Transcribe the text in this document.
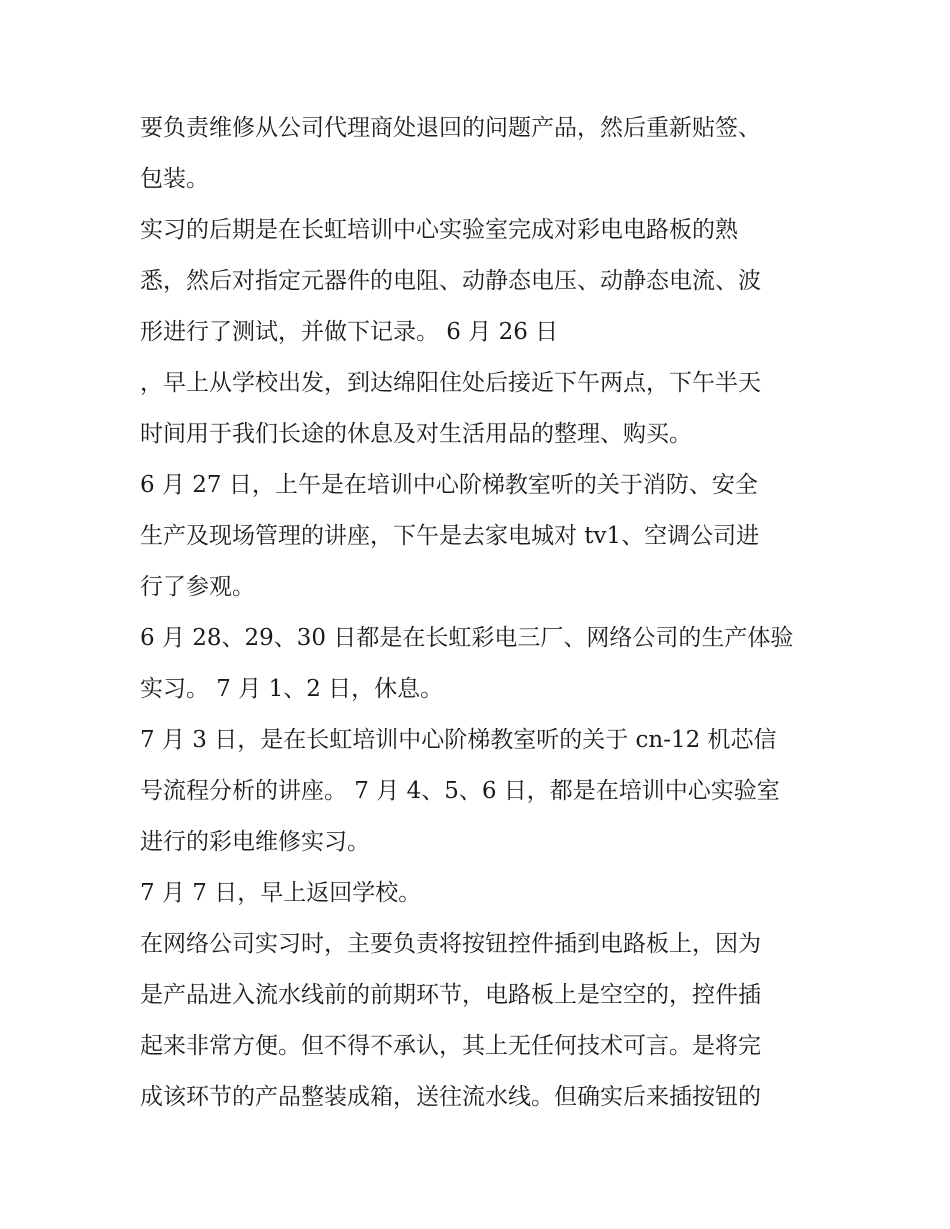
要负责维修从公司代理商处退回的问题产品，然后重新贴签、
包装。
实习的后期是在长虹培训中心实验室完成对彩电电路板的熟
悉，然后对指定元器件的电阻、动静态电压、动静态电流、波
形进行了测试，并做下记录。 6 月 26 日
，早上从学校出发，到达绵阳住处后接近下午两点，下午半天
时间用于我们长途的休息及对生活用品的整理、购买。
6 月 27 日，上午是在培训中心阶梯教室听的关于消防、安全
生产及现场管理的讲座，下午是去家电城对 tv1、空调公司进
行了参观。
6 月 28、29、30 日都是在长虹彩电三厂、网络公司的生产体验
实习。 7 月 1、2 日，休息。
7 月 3 日，是在长虹培训中心阶梯教室听的关于 cn-12 机芯信
号流程分析的讲座。 7 月 4、5、6 日，都是在培训中心实验室
进行的彩电维修实习。
7 月 7 日，早上返回学校。
在网络公司实习时，主要负责将按钮控件插到电路板上，因为
是产品进入流水线前的前期环节，电路板上是空空的，控件插
起来非常方便。但不得不承认，其上无任何技术可言。是将完
成该环节的产品整装成箱，送往流水线。但确实后来插按钮的
